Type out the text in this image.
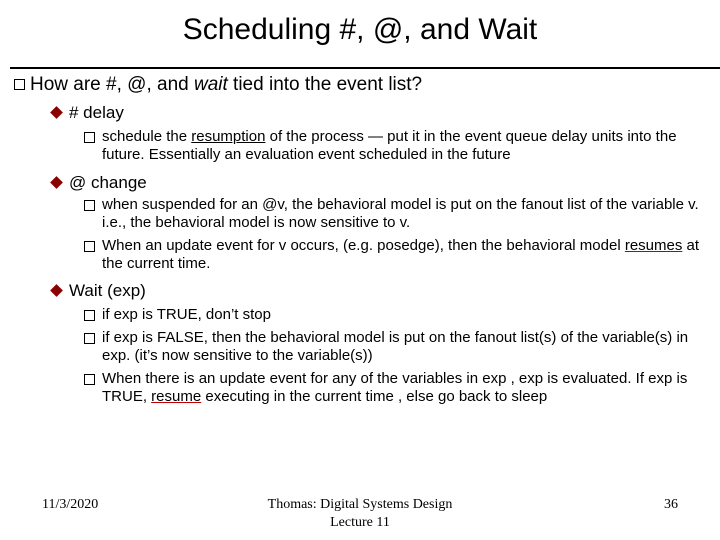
Scheduling #, @, and Wait
How are #, @, and wait tied into the event list?
# delay
schedule the resumption of the process — put it in the event queue delay units into the future. Essentially an evaluation event scheduled in the future
@ change
when suspended for an @v, the behavioral model is put on the fanout list of the variable v. i.e., the behavioral model is now sensitive to v.
When an update event for v occurs, (e.g. posedge), then the behavioral model resumes at the current time.
Wait (exp)
if exp is TRUE, don’t stop
if exp is FALSE, then the behavioral model is put on the fanout list(s) of the variable(s) in exp. (it’s now sensitive to the variable(s))
When there is an update event for any of the variables in exp , exp is evaluated. If exp is TRUE, resume executing in the current time , else go back to sleep
11/3/2020	Thomas: Digital Systems Design
Lecture 11
36
